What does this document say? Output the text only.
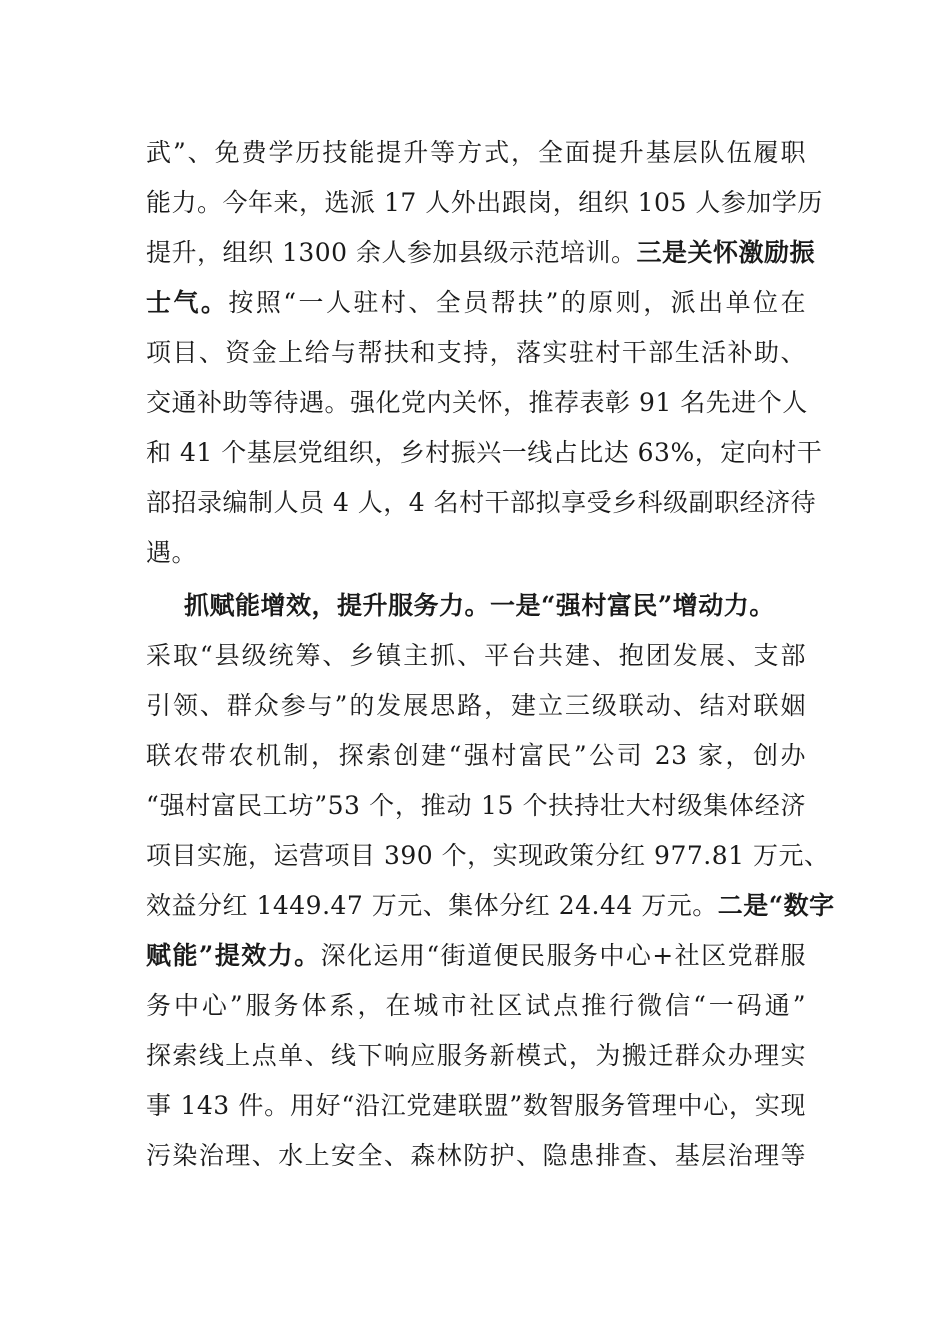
武”、免费学历技能提升等方式，全面提升基层队伍履职
能力。今年来，选派 17 人外出跟岗，组织 105 人参加学历
提升，组织 1300 余人参加县级示范培训。三是关怀激励振
士气。按照“一人驻村、全员帮扶”的原则，派出单位在
项目、资金上给与帮扶和支持，落实驻村干部生活补助、
交通补助等待遇。强化党内关怀，推荐表彰 91 名先进个人
和 41 个基层党组织，乡村振兴一线占比达 63%，定向村干
部招录编制人员 4 人，4 名村干部拟享受乡科级副职经济待
遇。
抓赋能增效，提升服务力。一是“强村富民”增动力。
采取“县级统筹、乡镇主抓、平台共建、抱团发展、支部
引领、群众参与”的发展思路，建立三级联动、结对联姻
联农带农机制，探索创建“强村富民”公司 23 家，创办
“强村富民工坊”53 个，推动 15 个扶持壮大村级集体经济
项目实施，运营项目 390 个，实现政策分红 977.81 万元、
效益分红 1449.47 万元、集体分红 24.44 万元。二是“数字
赋能”提效力。深化运用“街道便民服务中心+社区党群服
务中心”服务体系，在城市社区试点推行微信“一码通”
探索线上点单、线下响应服务新模式，为搬迁群众办理实
事 143 件。用好“沿江党建联盟”数智服务管理中心，实现
污染治理、水上安全、森林防护、隐患排查、基层治理等
